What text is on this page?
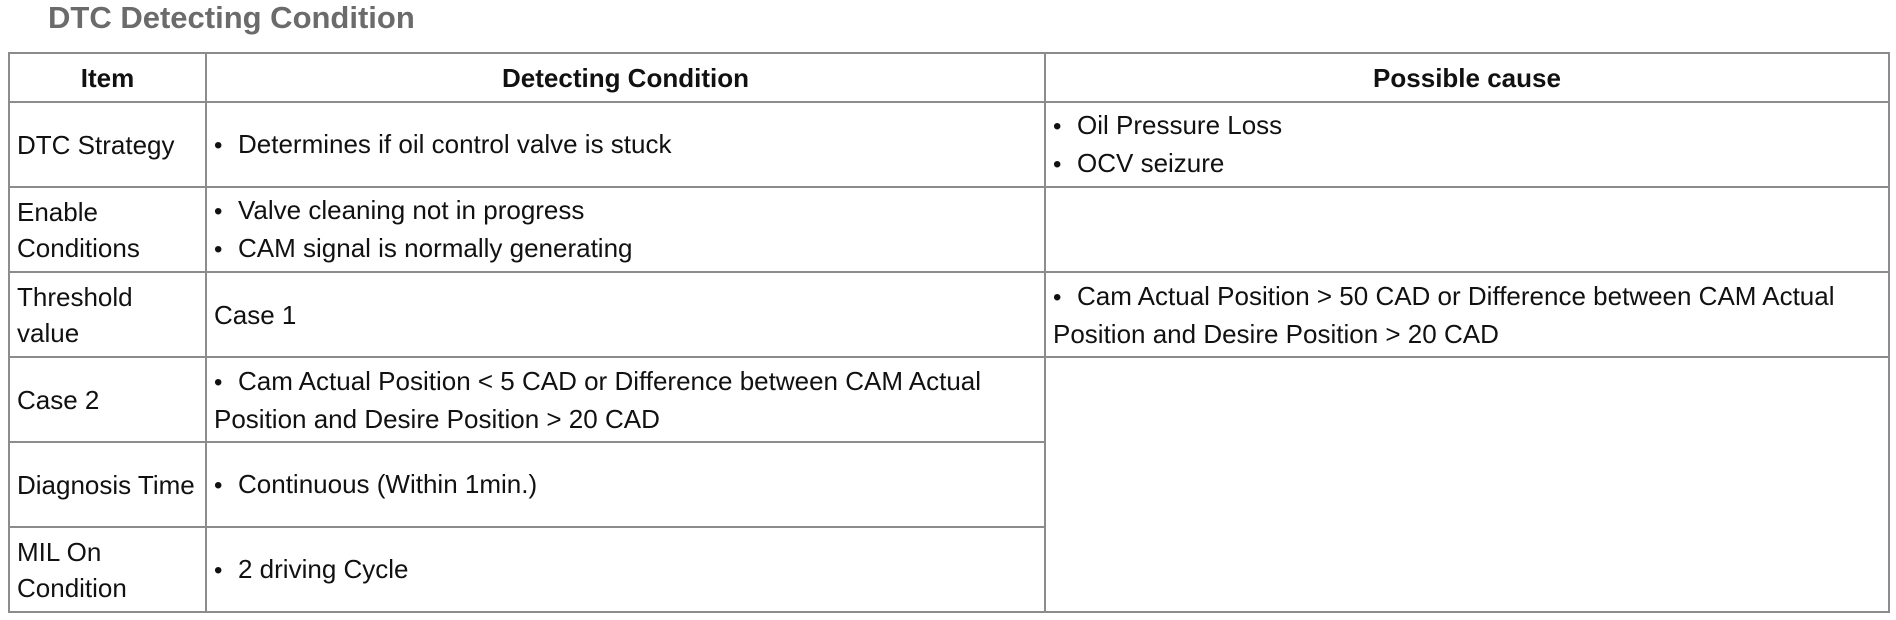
DTC Detecting Condition
Item	Detecting Condition	Possible cause
DTC Strategy	• Determines if oil control valve is stuck	• Oil Pressure Loss
• OCV seizure

Enable Conditions	• Valve cleaning not in progress
• CAM signal is normally generating	

Threshold value	Case 1	• Cam Actual Position > 50 CAD or Difference between CAM Actual Position and Desire Position > 20 CAD

Case 2	• Cam Actual Position < 5 CAD or Difference between CAM Actual Position and Desire Position > 20 CAD	

Diagnosis Time	• Continuous (Within 1min.)	

MIL On Condition	• 2 driving Cycle	
